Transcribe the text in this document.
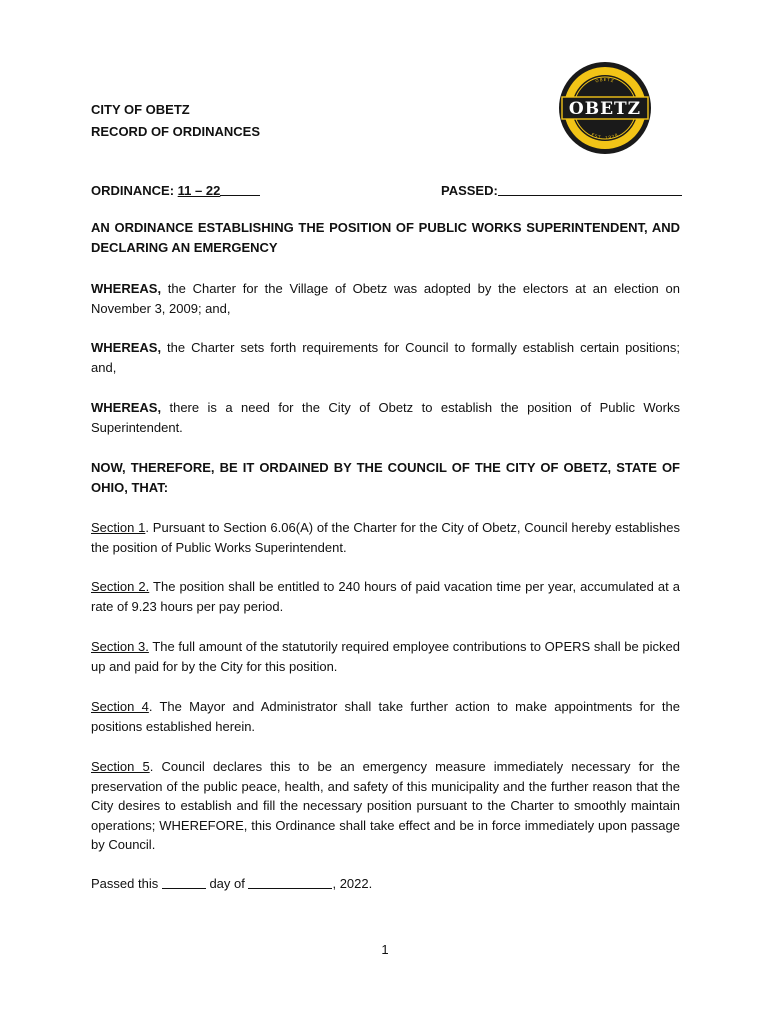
CITY OF OBETZ
RECORD OF ORDINANCES
OBETZ
EST. 1928
OBETZ
ORDINANCE: 11 – 22	PASSED:
AN ORDINANCE ESTABLISHING THE POSITION OF PUBLIC WORKS SUPERINTENDENT, AND DECLARING AN EMERGENCY
WHEREAS, the Charter for the Village of Obetz was adopted by the electors at an election on November 3, 2009; and,
WHEREAS, the Charter sets forth requirements for Council to formally establish certain positions; and,
WHEREAS, there is a need for the City of Obetz to establish the position of Public Works Superintendent.
NOW, THEREFORE, BE IT ORDAINED BY THE COUNCIL OF THE CITY OF OBETZ, STATE OF OHIO, THAT:
Section 1. Pursuant to Section 6.06(A) of the Charter for the City of Obetz, Council hereby establishes the position of Public Works Superintendent.
Section 2. The position shall be entitled to 240 hours of paid vacation time per year, accumulated at a rate of 9.23 hours per pay period.
Section 3. The full amount of the statutorily required employee contributions to OPERS shall be picked up and paid for by the City for this position.
Section 4. The Mayor and Administrator shall take further action to make appointments for the positions established herein.
Section 5. Council declares this to be an emergency measure immediately necessary for the preservation of the public peace, health, and safety of this municipality and the further reason that the City desires to establish and fill the necessary position pursuant to the Charter to smoothly maintain operations; WHEREFORE, this Ordinance shall take effect and be in force immediately upon passage by Council.
Passed this	day of	, 2022.
1
